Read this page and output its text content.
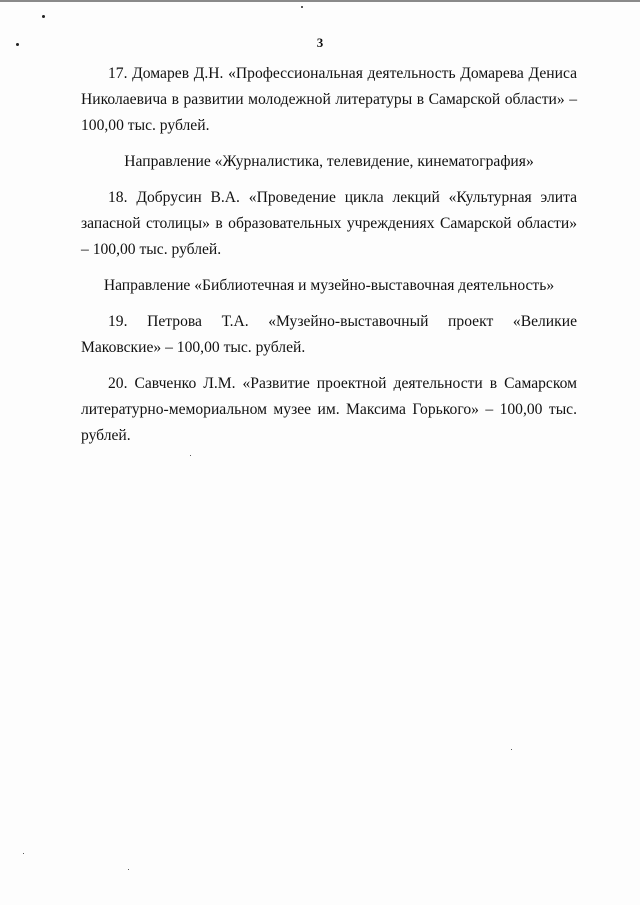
3

17. Домарев Д.Н. «Профессиональная деятельность Домарева Дениса Николаевича в развитии молодежной литературы в Самарской области» – 100,00 тыс. рублей.

Направление «Журналистика, телевидение, кинематография»

18. Добрусин В.А. «Проведение цикла лекций «Культурная элита запасной столицы» в образовательных учреждениях Самарской области» – 100,00 тыс. рублей.

Направление «Библиотечная и музейно-выставочная деятельность»

19. Петрова Т.А. «Музейно-выставочный проект «Великие Маковские» – 100,00 тыс. рублей.

20. Савченко Л.М. «Развитие проектной деятельности в Самарском литературно-мемориальном музее им. Максима Горького» – 100,00 тыс. рублей.
